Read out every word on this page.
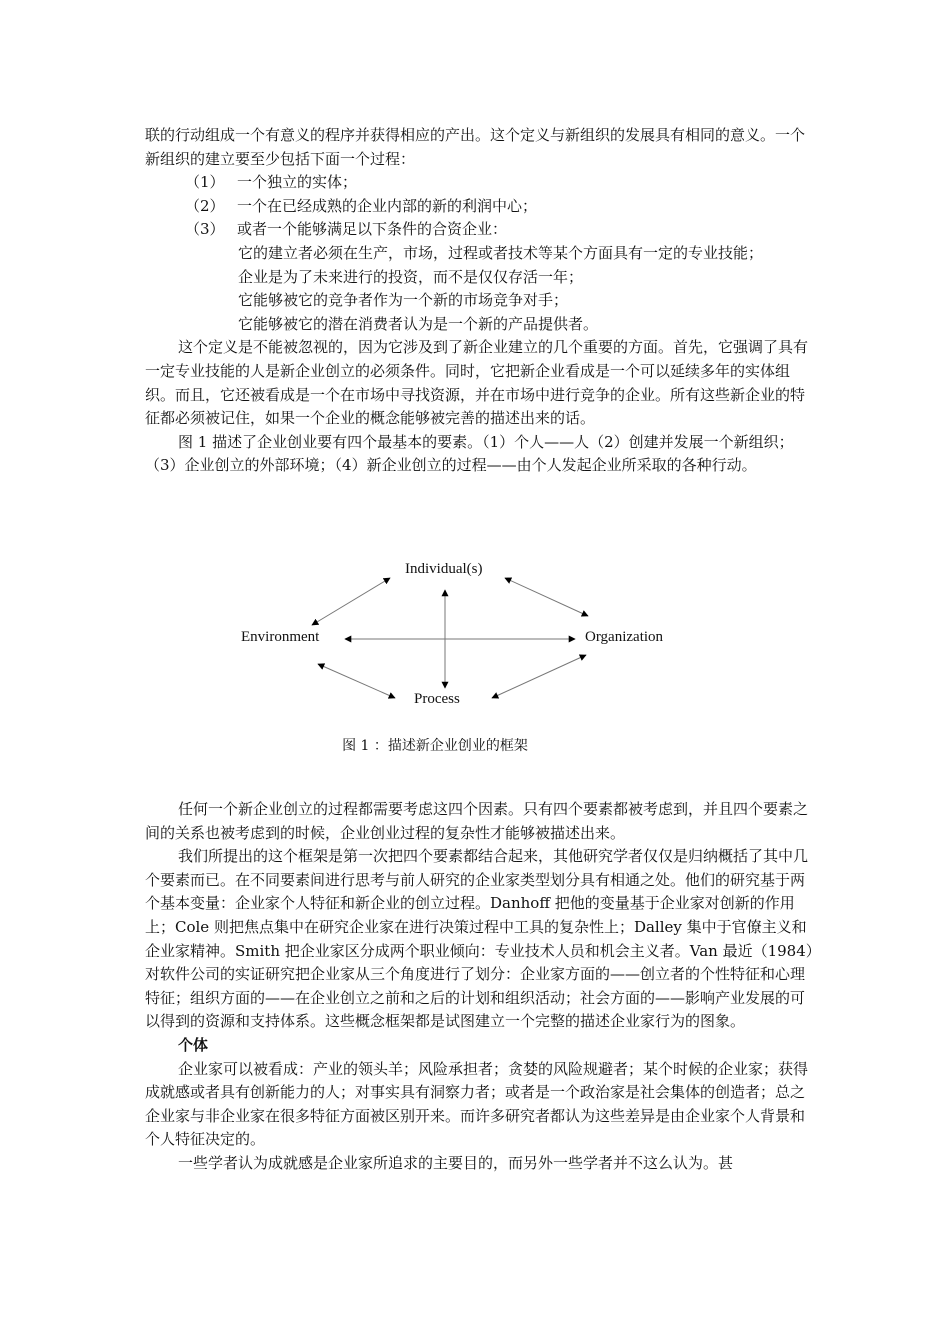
联的行动组成一个有意义的程序并获得相应的产出。这个定义与新组织的发展具有相同的意义。一个新组织的建立要至少包括下面一个过程：

（1） 一个独立的实体；
（2） 一个在已经成熟的企业内部的新的利润中心；
（3） 或者一个能够满足以下条件的合资企业：
它的建立者必须在生产，市场，过程或者技术等某个方面具有一定的专业技能；
企业是为了未来进行的投资，而不是仅仅存活一年；
它能够被它的竞争者作为一个新的市场竞争对手；
它能够被它的潜在消费者认为是一个新的产品提供者。

这个定义是不能被忽视的，因为它涉及到了新企业建立的几个重要的方面。首先，它强调了具有一定专业技能的人是新企业创立的必须条件。同时，它把新企业看成是一个可以延续多年的实体组织。而且，它还被看成是一个在市场中寻找资源，并在市场中进行竞争的企业。所有这些新企业的特征都必须被记住，如果一个企业的概念能够被完善的描述出来的话。

图 1 描述了企业创业要有四个最基本的要素。（1）个人——人（2）创建并发展一个新组织；（3）企业创立的外部环境；（4）新企业创立的过程——由个人发起企业所采取的各种行动。

Individual(s)
Environment	Organization
Process
图 1 ：描述新企业创业的框架

任何一个新企业创立的过程都需要考虑这四个因素。只有四个要素都被考虑到，并且四个要素之间的关系也被考虑到的时候，企业创业过程的复杂性才能够被描述出来。

我们所提出的这个框架是第一次把四个要素都结合起来，其他研究学者仅仅是归纳概括了其中几个要素而已。在不同要素间进行思考与前人研究的企业家类型划分具有相通之处。他们的研究基于两个基本变量：企业家个人特征和新企业的创立过程。Danhoff 把他的变量基于企业家对创新的作用上；Cole 则把焦点集中在研究企业家在进行决策过程中工具的复杂性上；Dalley 集中于官僚主义和企业家精神。Smith 把企业家区分成两个职业倾向：专业技术人员和机会主义者。Van 最近（1984）对软件公司的实证研究把企业家从三个角度进行了划分：企业家方面的——创立者的个性特征和心理特征；组织方面的——在企业创立之前和之后的计划和组织活动；社会方面的——影响产业发展的可以得到的资源和支持体系。这些概念框架都是试图建立一个完整的描述企业家行为的图象。

个体

企业家可以被看成：产业的领头羊；风险承担者；贪婪的风险规避者；某个时候的企业家；获得成就感或者具有创新能力的人；对事实具有洞察力者；或者是一个政治家是社会集体的创造者；总之企业家与非企业家在很多特征方面被区别开来。而许多研究者都认为这些差异是由企业家个人背景和个人特征决定的。

一些学者认为成就感是企业家所追求的主要目的，而另外一些学者并不这么认为。甚
